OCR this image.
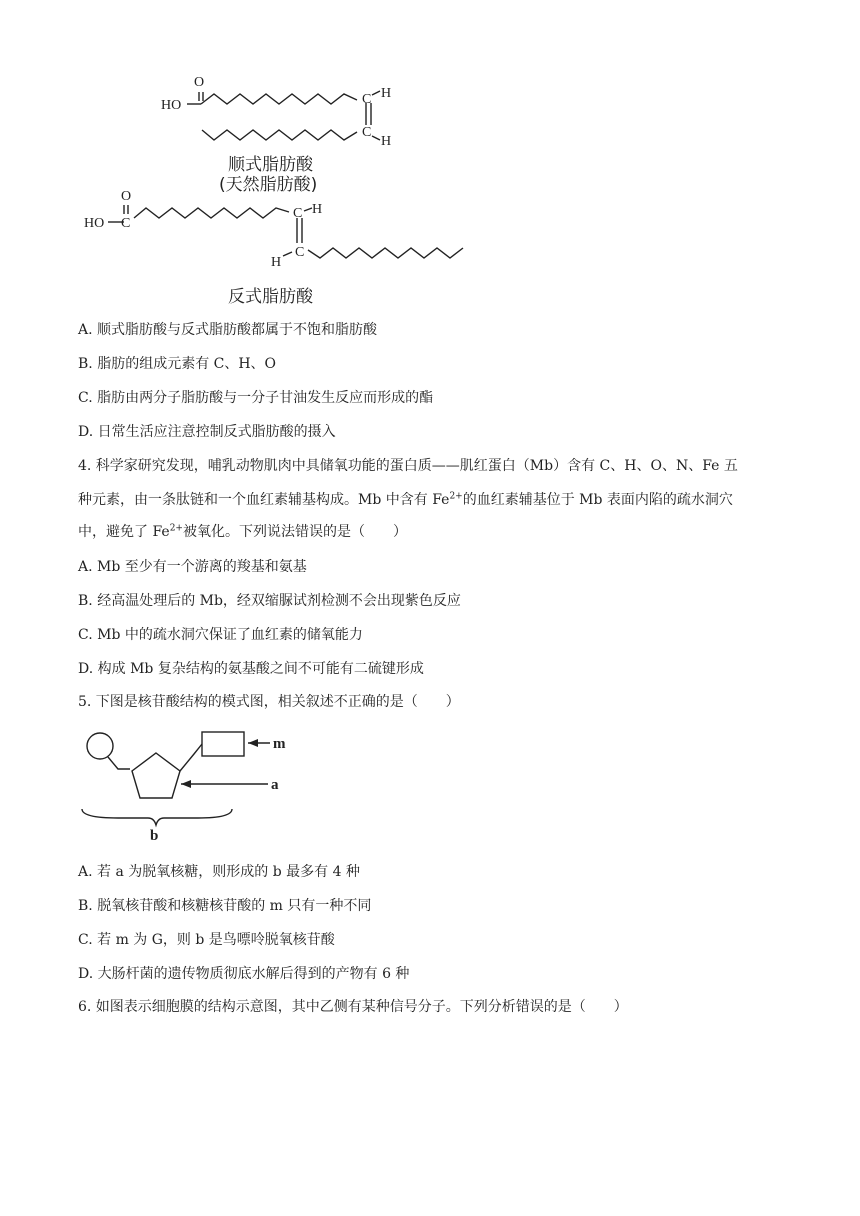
O
HO	C
C
H
H
O
HO C
C H
C
H
顺式脂肪酸
(天然脂肪酸)
反式脂肪酸
A. 顺式脂肪酸与反式脂肪酸都属于不饱和脂肪酸
B. 脂肪的组成元素有 C、H、O
C. 脂肪由两分子脂肪酸与一分子甘油发生反应而形成的酯
D. 日常生活应注意控制反式脂肪酸的摄入
4. 科学家研究发现，哺乳动物肌肉中具储氧功能的蛋白质——肌红蛋白（Mb）含有 C、H、O、N、Fe 五
种元素，由一条肽链和一个血红素辅基构成。Mb 中含有 $Fe^{2+}$的血红素辅基位于 Mb 表面内陷的疏水洞穴
中，避免了 $Fe^{2+}$被氧化。下列说法错误的是（　　）
A. Mb 至少有一个游离的羧基和氨基
B. 经高温处理后的 Mb，经双缩脲试剂检测不会出现紫色反应
C. Mb 中的疏水洞穴保证了血红素的储氧能力
D. 构成 Mb 复杂结构的氨基酸之间不可能有二硫键形成
5. 下图是核苷酸结构的模式图，相关叙述不正确的是（　　）
m
a
b
A. 若 a 为脱氧核糖，则形成的 b 最多有 4 种
B. 脱氧核苷酸和核糖核苷酸的 m 只有一种不同
C. 若 m 为 G，则 b 是鸟嘌呤脱氧核苷酸
D. 大肠杆菌的遗传物质彻底水解后得到的产物有 6 种
6. 如图表示细胞膜的结构示意图，其中乙侧有某种信号分子。下列分析错误的是（　　）
